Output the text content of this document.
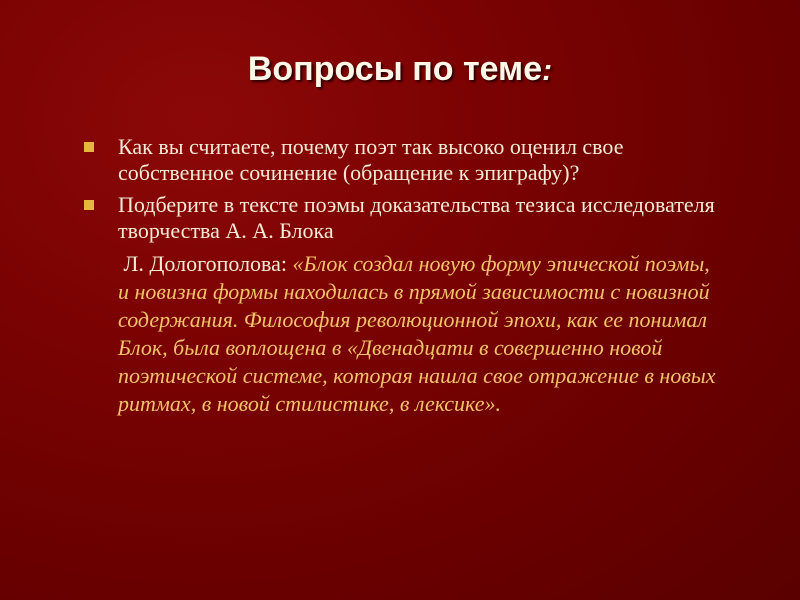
Вопросы по теме:
Как вы считаете, почему поэт так высоко оценил свое собственное сочинение (обращение к эпиграфу)?
Подберите в тексте поэмы доказательства тезиса исследователя творчества А. А. Блока
Л. Дологополова: «Блок создал новую форму эпической поэмы, и новизна формы находилась в прямой зависимости с новизной содержания. Философия революционной эпохи, как ее понимал Блок, была воплощена в «Двенадцати в совершенно новой поэтической системе, которая нашла свое отражение в новых ритмах, в новой стилистике, в лексике».
